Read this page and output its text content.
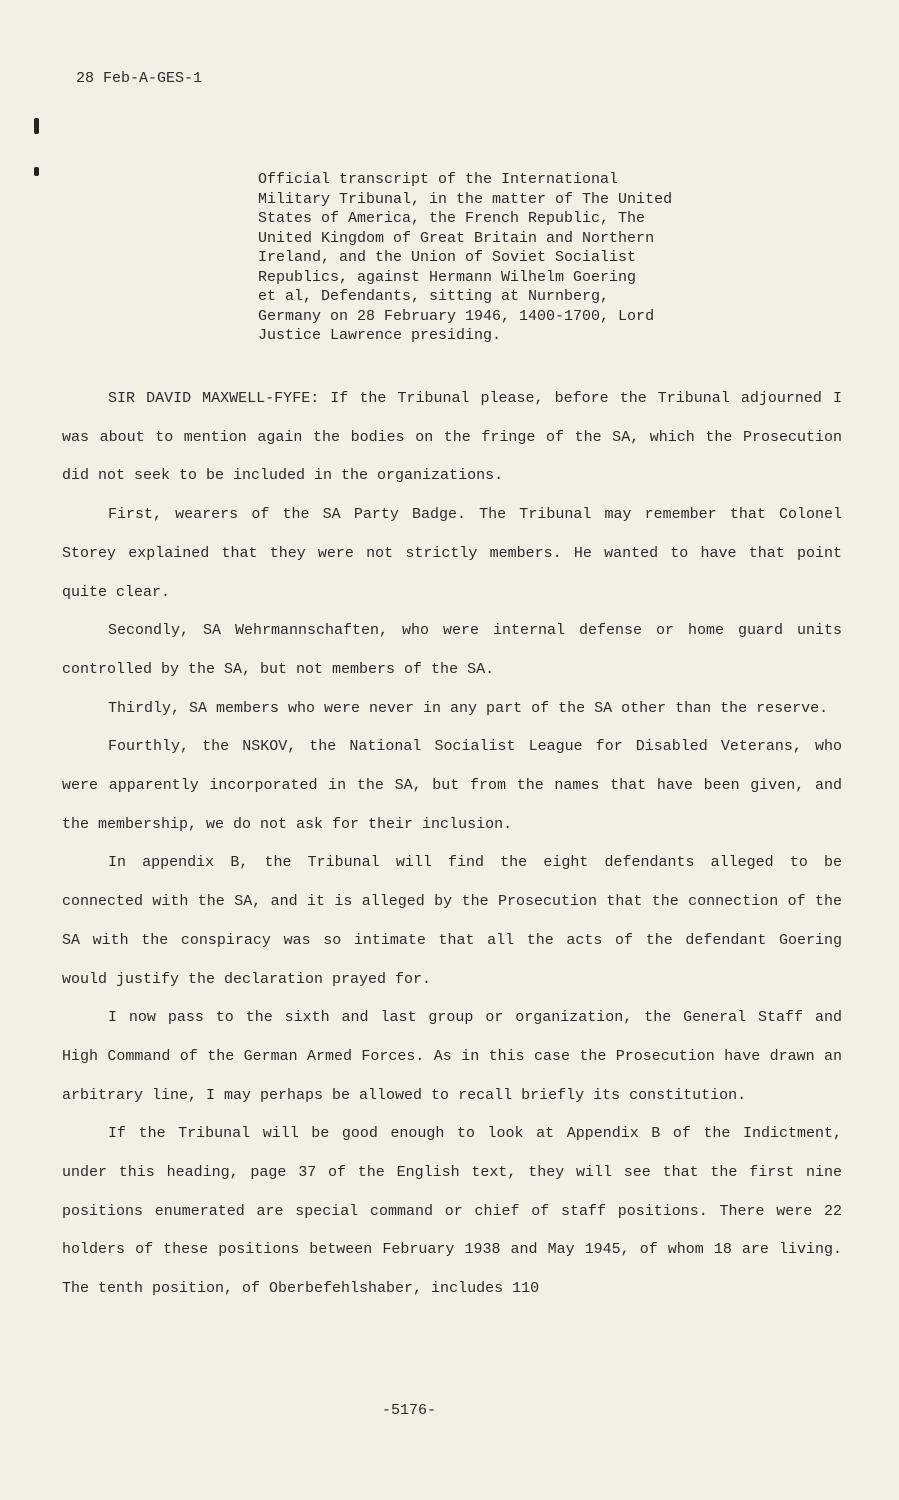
28 Feb-A-GES-1
Official transcript of the International
Military Tribunal, in the matter of The United
States of America, the French Republic, The
United Kingdom of Great Britain and Northern
Ireland, and the Union of Soviet Socialist
Republics, against Hermann Wilhelm Goering
et al, Defendants, sitting at Nurnberg,
Germany on 28 February 1946, 1400-1700, Lord
Justice Lawrence presiding.

SIR DAVID MAXWELL-FYFE: If the Tribunal please, before the Tribunal adjourned I was about to mention again the bodies on the fringe of the SA, which the Prosecution did not seek to be included in the organizations.

First, wearers of the SA Party Badge. The Tribunal may remember that Colonel Storey explained that they were not strictly members. He wanted to have that point quite clear.

Secondly, SA Wehrmannschaften, who were internal defense or home guard units controlled by the SA, but not members of the SA.

Thirdly, SA members who were never in any part of the SA other than the reserve.

Fourthly, the NSKOV, the National Socialist League for Disabled Veterans, who were apparently incorporated in the SA, but from the names that have been given, and the membership, we do not ask for their inclusion.

In appendix B, the Tribunal will find the eight defendants alleged to be connected with the SA, and it is alleged by the Prosecution that the connection of the SA with the conspiracy was so intimate that all the acts of the defendant Goering would justify the declaration prayed for.

I now pass to the sixth and last group or organization, the General Staff and High Command of the German Armed Forces. As in this case the Prosecution have drawn an arbitrary line, I may perhaps be allowed to recall briefly its constitution.

If the Tribunal will be good enough to look at Appendix B of the Indictment, under this heading, page 37 of the English text, they will see that the first nine positions enumerated are special command or chief of staff positions. There were 22 holders of these positions between February 1938 and May 1945, of whom 18 are living. The tenth position, of Oberbefehlshaber, includes 110

-5176-
